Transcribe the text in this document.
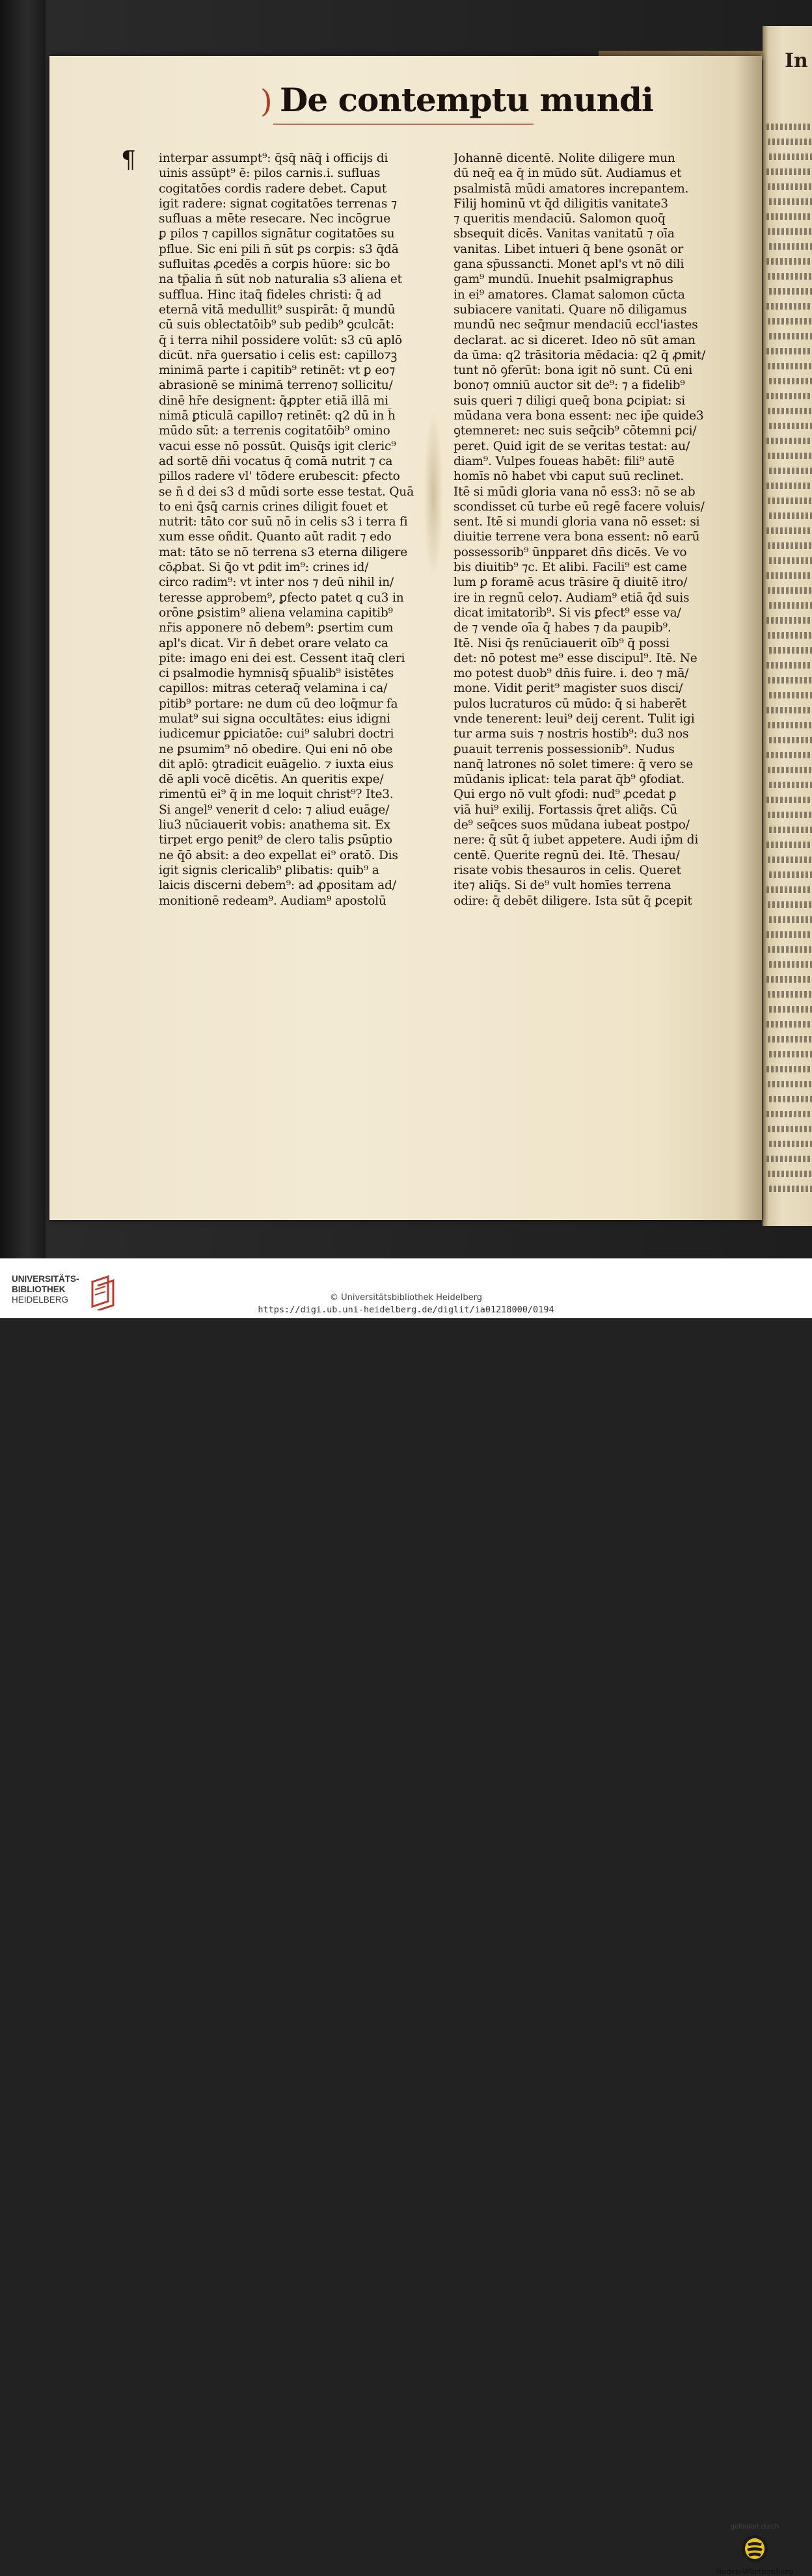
In
) De contemptu mundi
¶ interpar assumpt⁹: q̄sq̄ nāq̄ i officijs di
uinis assūpt⁹ ē: pilos carnis.i. sufluas
cogitatōes cordis radere debet. Caput
igit radere: signat cogitatōes terrenas ⁊
sufluas a mēte resecare. Nec incōgrue
ꝑ pilos ⁊ capillos signātur cogitatōes su
pflue. Sic eni pili n̄ sūt ꝑs corꝑis: s3 q̄dā
sufluitas ꝓcedēs a corꝑis hūore: sic bo
na tp̄alia n̄ sūt nob naturalia s3 aliena et
sufflua. Hinc itaq̄ fideles christi: q̄ ad
eternā vitā medullit⁹ suspirāt: q̄ mundū
cū suis oblectatōib⁹ sub pedib⁹ ꝯculcāt:
q̄ i terra nihil possidere volūt: s3 cū aplō
dicūt. nr̄a ꝯuersatio i celis est: capillo⁊ꝫ
minimā parte i capitib⁹ retinēt: vt ꝑ eo⁊
abrasionē se minimā terreno⁊ sollicitu/
dinē hr̄e designent: q̄ꝓpter etiā illā mi
nimā ꝑticulā capillo⁊ retinēt: q2 dū in h̄
mūdo sūt: a terrenis cogitatōib⁹ omino
vacui esse nō possūt. Quisq̄s igit cleric⁹
ad sortē dn̄i vocatus q̄ comā nutrit ⁊ ca
pillos radere vl' tōdere erubescit: ꝑfecto
se n̄ d dei s3 d mūdi sorte esse testat. Quā
to eni q̄sq̄ carnis crines diligit fouet et
nutrit: tāto cor suū nō in celis s3 i terra fi
xum esse oñdit. Quanto aūt radit ⁊ edo
mat: tāto se nō terrena s3 eterna diligere
cōꝓbat. Si ꝗ̄o vt ꝑdit im⁹: crines id/
circo radim⁹: vt inter nos ⁊ deū nihil in/
teresse approbem⁹, ꝑfecto patet q cu3 in
orōne ꝑsistim⁹ aliena velamina capitib⁹
nr̄is apponere nō debem⁹: ꝑsertim cum
apl's dicat. Vir n̄ debet orare velato ca
pite: imago eni dei est. Cessent itaq̄ cleri
ci psalmodie hymnisq̄ sp̄ualib⁹ isistētes
capillos: mitras ceteraq̄ velamina i ca/
pitib⁹ portare: ne dum cū deo loq̄mur fa
mulat⁹ sui signa occultātes: eius idigni
iudicemur ꝑpiciatōe: cui⁹ salubri doctri
ne ꝑsumim⁹ nō obedire. Qui eni nō obe
dit aplō: ꝯtradicit euāgelio. ⁊ iuxta eius
dē apli vocē dicētis. An queritis expe/
rimentū ei⁹ q̄ in me loquit christ⁹? Ite3.
Si angel⁹ venerit d celo: ⁊ aliud euāge/
liu3 nūciauerit vobis: anathema sit. Ex
tirpet ergo penit⁹ de clero talis ꝑsūptio
ne q̄ō absit: a deo expellat ei⁹ oratō. Dis
igit signis clericalib⁹ ꝑlibatis: quib⁹ a
laicis discerni debem⁹: ad ꝓpositam ad/
monitionē redeam⁹. Audiam⁹ apostolū
Johannē dicentē. Nolite diligere mun
dū neq̄ ea q̄ in mūdo sūt. Audiamus et
psalmistā mūdi amatores increpantem.
Filij hominū vt q̄d diligitis vanitate3
⁊ queritis mendaciū. Salomon quoq̄
sbsequit dicēs. Vanitas vanitatū ⁊ oīa
vanitas. Libet intueri q̄ bene ꝯsonāt or
gana sp̄ussancti. Monet apl's vt nō dili
gam⁹ mundū. Inuehit psalmigraphus
in ei⁹ amatores. Clamat salomon cūcta
subiacere vanitati. Quare nō diligamus
mundū nec seq̄mur mendaciū eccl'iastes
declarat. ac si diceret. Ideo nō sūt aman
da ūma: q2 trāsitoria mēdacia: q2 q̄ ꝓmit/
tunt nō ꝯferūt: bona igit nō sunt. Cū eni
bono⁊ omniū auctor sit de⁹: ⁊ a fidelib⁹
suis queri ⁊ diligi queq̄ bona ꝑcipiat: si
mūdana vera bona essent: nec ip̄e quide3
ꝯtemneret: nec suis seq̄cib⁹ cōtemni ꝑci/
peret. Quid igit de se veritas testat: au/
diam⁹. Vulpes foueas habēt: fili⁹ autē
homīs nō habet vbi caput suū reclinet.
Itē si mūdi gloria vana nō ess3: nō se ab
scondisset cū turbe eū regē facere voluis/
sent. Itē si mundi gloria vana nō esset: si
diuitie terrene vera bona essent: nō earū
possessorib⁹ ūnpparet dn̄s dicēs. Ve vo
bis diuitib⁹ ⁊c. Et alibi. Facili⁹ est came
lum ꝑ foramē acus trāsire q̄ diuitē itro/
ire in regnū celo⁊. Audiam⁹ etiā q̄d suis
dicat imitatorib⁹. Si vis ꝑfect⁹ esse va/
de ⁊ vende oīa q̄ habes ⁊ da paupib⁹.
Itē. Nisi q̄s renūciauerit oīb⁹ q̄ possi
det: nō potest me⁹ esse discipul⁹. Itē. Ne
mo potest duob⁹ dn̄is fuire. i. deo ⁊ mā/
mone. Vidit ꝑerit⁹ magister suos disci/
pulos lucraturos cū mūdo: q̄ si haberēt
vnde tenerent: leui⁹ deij cerent. Tulit igi
tur arma suis ⁊ nostris hostib⁹: du3 nos
ꝑuauit terrenis possessionib⁹. Nudus
nanq̄ latrones nō solet timere: q̄ vero se
mūdanis iplicat: tela parat q̄b⁹ ꝯfodiat.
Qui ergo nō vult ꝯfodi: nud⁹ ꝓcedat ꝑ
viā hui⁹ exilij. Fortassis q̄ret aliq̄s. Cū
de⁹ seq̄ces suos mūdana iubeat postpo/
nere: q̄ sūt q̄ iubet appetere. Audi ip̄m di
centē. Querite regnū dei. Itē. Thesau/
risate vobis thesauros in celis. Queret
ite⁊ aliq̄s. Si de⁹ vult homīes terrena
odire: q̄ debēt diligere. Ista sūt q̄ ꝑcepit
UNIVERSITÄTS-
BIBLIOTHEK
HEIDELBERG
gefördert durch
Baden-Württemberg
© Universitätsbibliothek Heidelberg
https://digi.ub.uni-heidelberg.de/diglit/ia01218000/0194
